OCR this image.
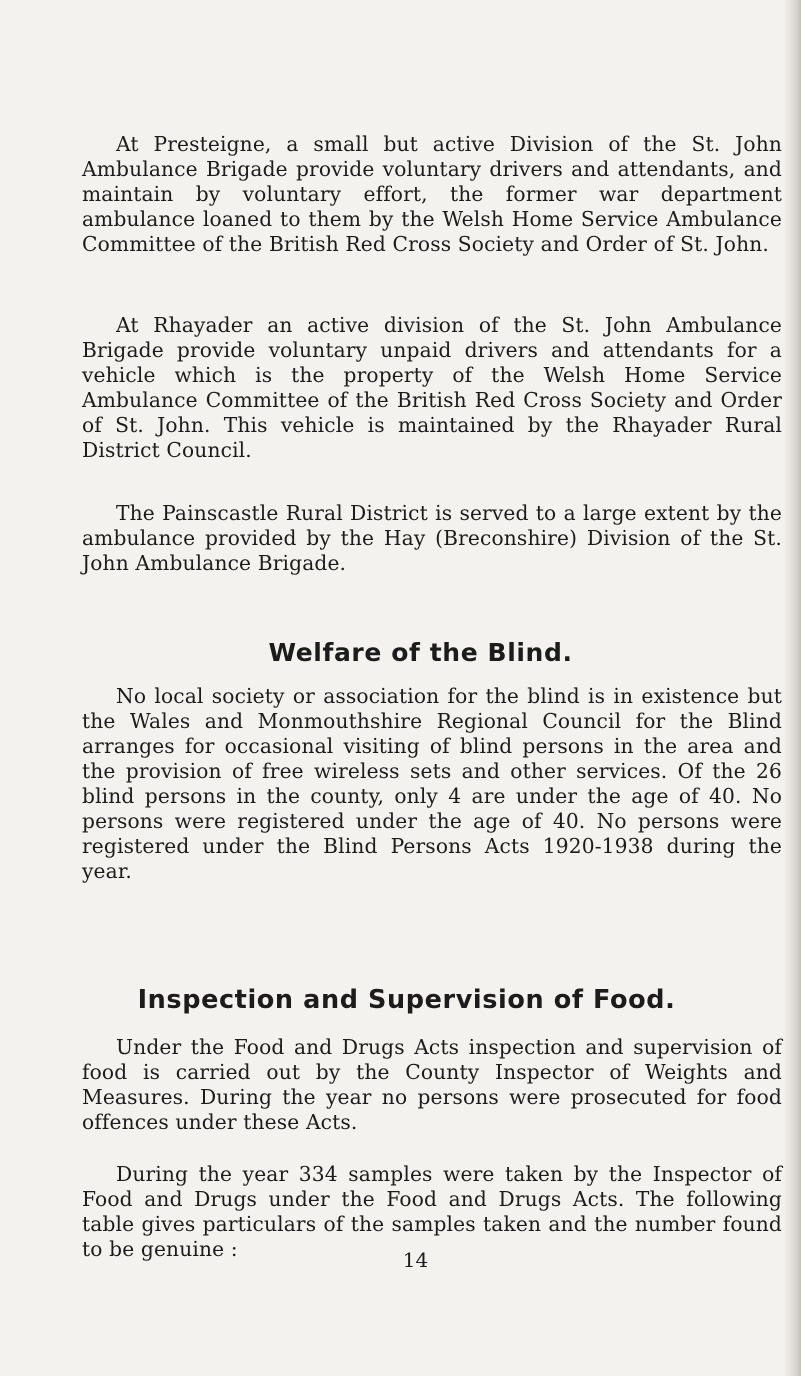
At Presteigne, a small but active Division of the St. John Ambulance Brigade provide voluntary drivers and attendants, and maintain by voluntary effort, the former war department ambulance loaned to them by the Welsh Home Service Ambulance Committee of the British Red Cross Society and Order of St. John.

At Rhayader an active division of the St. John Ambulance Brigade provide voluntary unpaid drivers and attendants for a vehicle which is the property of the Welsh Home Service Ambulance Committee of the British Red Cross Society and Order of St. John. This vehicle is maintained by the Rhayader Rural District Council.

The Painscastle Rural District is served to a large extent by the ambulance provided by the Hay (Breconshire) Division of the St. John Ambulance Brigade.

Welfare of the Blind.

No local society or association for the blind is in existence but the Wales and Monmouthshire Regional Council for the Blind arranges for occasional visiting of blind persons in the area and the provision of free wireless sets and other services. Of the 26 blind persons in the county, only 4 are under the age of 40. No persons were registered under the age of 40. No persons were registered under the Blind Persons Acts 1920-1938 during the year.

Inspection and Supervision of Food.

Under the Food and Drugs Acts inspection and supervision of food is carried out by the County Inspector of Weights and Measures. During the year no persons were prosecuted for food offences under these Acts.

During the year 334 samples were taken by the Inspector of Food and Drugs under the Food and Drugs Acts. The following table gives particulars of the samples taken and the number found to be genuine :	14
